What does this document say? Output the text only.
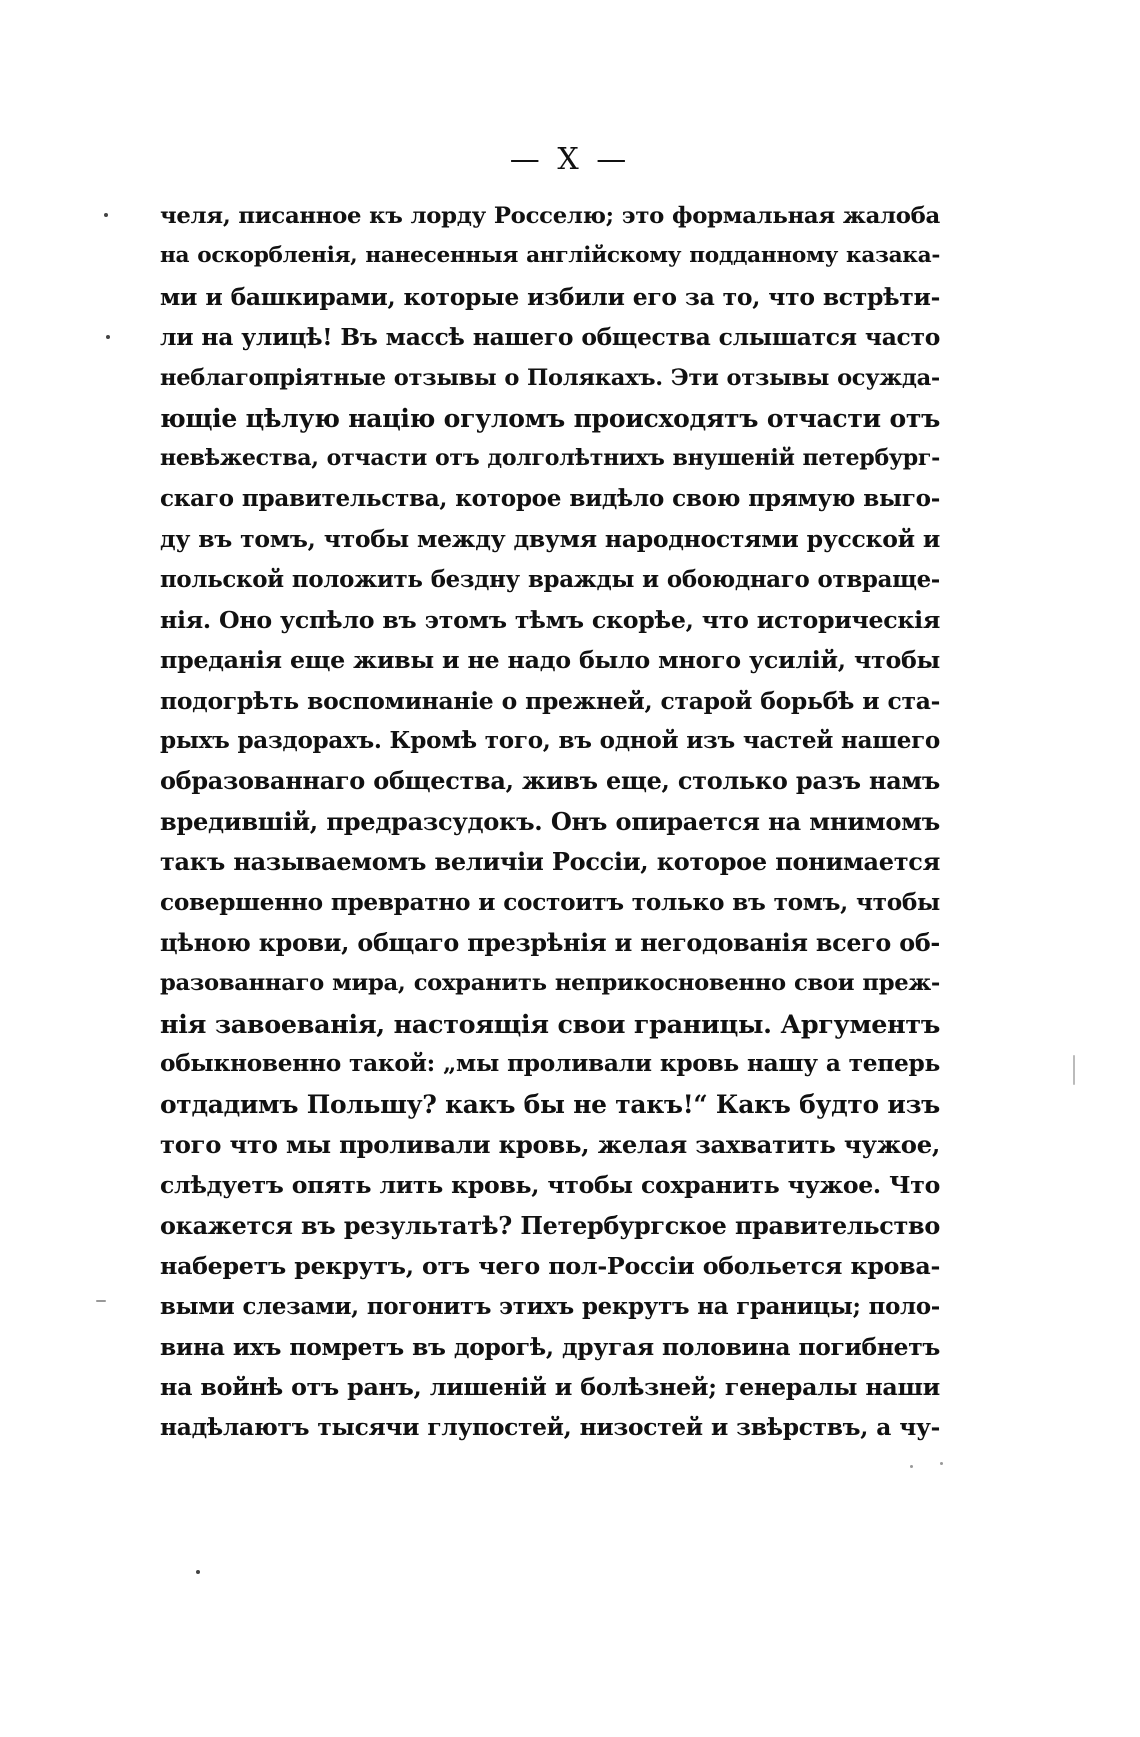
— X —
челя, писанное къ лорду Росселю; это формальная жалоба
на оскорбленія, нанесенныя англійскому подданному казака-
ми и башкирами, которые избили его за то, что встрѣти-
ли на улицѣ! Въ массѣ нашего общества слышатся часто
неблагопріятные отзывы о Полякахъ. Эти отзывы осужда-
ющіе цѣлую націю огуломъ происходятъ отчасти отъ
невѣжества, отчасти отъ долголѣтнихъ внушеній петербург-
скаго правительства, которое видѣло свою прямую выго-
ду въ томъ, чтобы между двумя народностями русской и
польской положить бездну вражды и обоюднаго отвраще-
нія. Оно успѣло въ этомъ тѣмъ скорѣе, что историческія
преданія еще живы и не надо было много усилій, чтобы
подогрѣть воспоминаніе о прежней, старой борьбѣ и ста-
рыхъ раздорахъ. Кромѣ того, въ одной изъ частей нашего
образованнаго общества, живъ еще, столько разъ намъ
вредившій, предразсудокъ. Онъ опирается на мнимомъ
такъ называемомъ величіи Россіи, которое понимается
совершенно превратно и состоитъ только въ томъ, чтобы
цѣною крови, общаго презрѣнія и негодованія всего об-
разованнаго мира, сохранить неприкосновенно свои преж-
нія завоеванія, настоящія свои границы. Аргументъ
обыкновенно такой: „мы проливали кровь нашу а теперь
отдадимъ Польшу? какъ бы не такъ!“ Какъ будто изъ
того что мы проливали кровь, желая захватить чужое,
слѣдуетъ опять лить кровь, чтобы сохранить чужое. Что
окажется въ результатѣ? Петербургское правительство
наберетъ рекрутъ, отъ чего пол-Россіи обольется крова-
выми слезами, погонитъ этихъ рекрутъ на границы; поло-
вина ихъ помретъ въ дорогѣ, другая половина погибнетъ
на войнѣ отъ ранъ, лишеній и болѣзней; генералы наши
надѣлаютъ тысячи глупостей, низостей и звѣрствъ, а чу-
